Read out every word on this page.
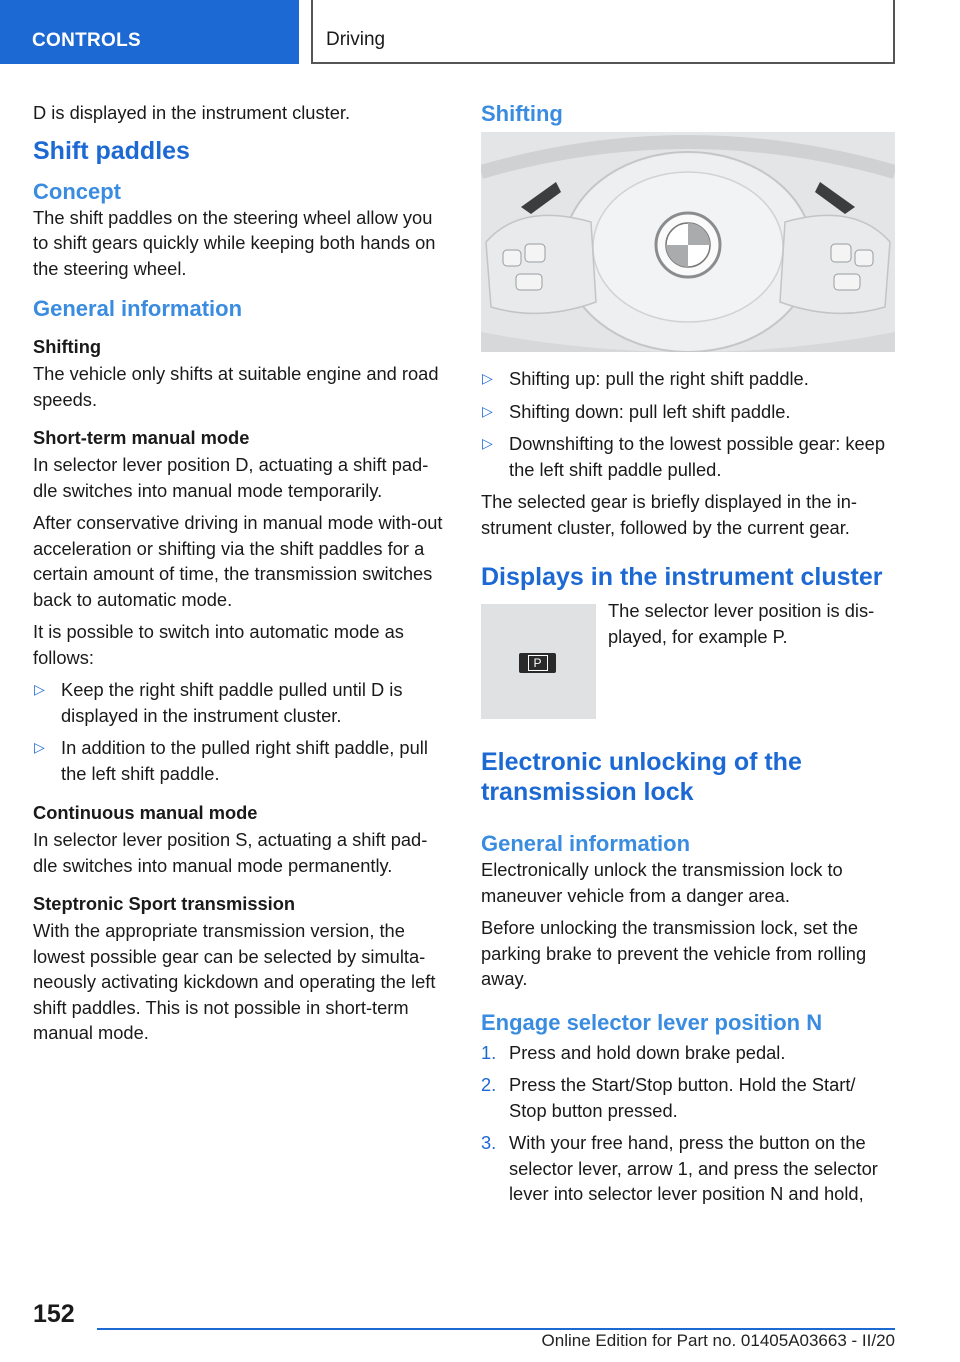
CONTROLS	Driving

D is displayed in the instrument cluster.

Shift paddles
Concept

The shift paddles on the steering wheel allow you to shift gears quickly while keeping both hands on the steering wheel.

General information
Shifting

The vehicle only shifts at suitable engine and road speeds.

Short-term manual mode

In selector lever position D, actuating a shift pad-dle switches into manual mode temporarily.

After conservative driving in manual mode with-out acceleration or shifting via the shift paddles for a certain amount of time, the transmission switches back to automatic mode.

It is possible to switch into automatic mode as follows:

▷ Keep the right shift paddle pulled until D is displayed in the instrument cluster.
▷ In addition to the pulled right shift paddle, pull the left shift paddle.
Continuous manual mode

In selector lever position S, actuating a shift pad-dle switches into manual mode permanently.

Steptronic Sport transmission

With the appropriate transmission version, the lowest possible gear can be selected by simulta-neously activating kickdown and operating the left shift paddles. This is not possible in short-term manual mode.

Shifting
▷ Shifting up: pull the right shift paddle.
▷ Shifting down: pull left shift paddle.
▷ Downshifting to the lowest possible gear: keep the left shift paddle pulled.

The selected gear is briefly displayed in the in-strument cluster, followed by the current gear.

Displays in the instrument cluster
P

The selector lever position is dis-played, for example P.

Electronic unlocking of the transmission lock
General information

Electronically unlock the transmission lock to maneuver vehicle from a danger area.

Before unlocking the transmission lock, set the parking brake to prevent the vehicle from rolling away.

Engage selector lever position N
1. Press and hold down brake pedal.
2. Press the Start/Stop button. Hold the Start/ Stop button pressed.
3. With your free hand, press the button on the selector lever, arrow 1, and press the selector lever into selector lever position N and hold,
152
Online Edition for Part no. 01405A03663 - II/20
